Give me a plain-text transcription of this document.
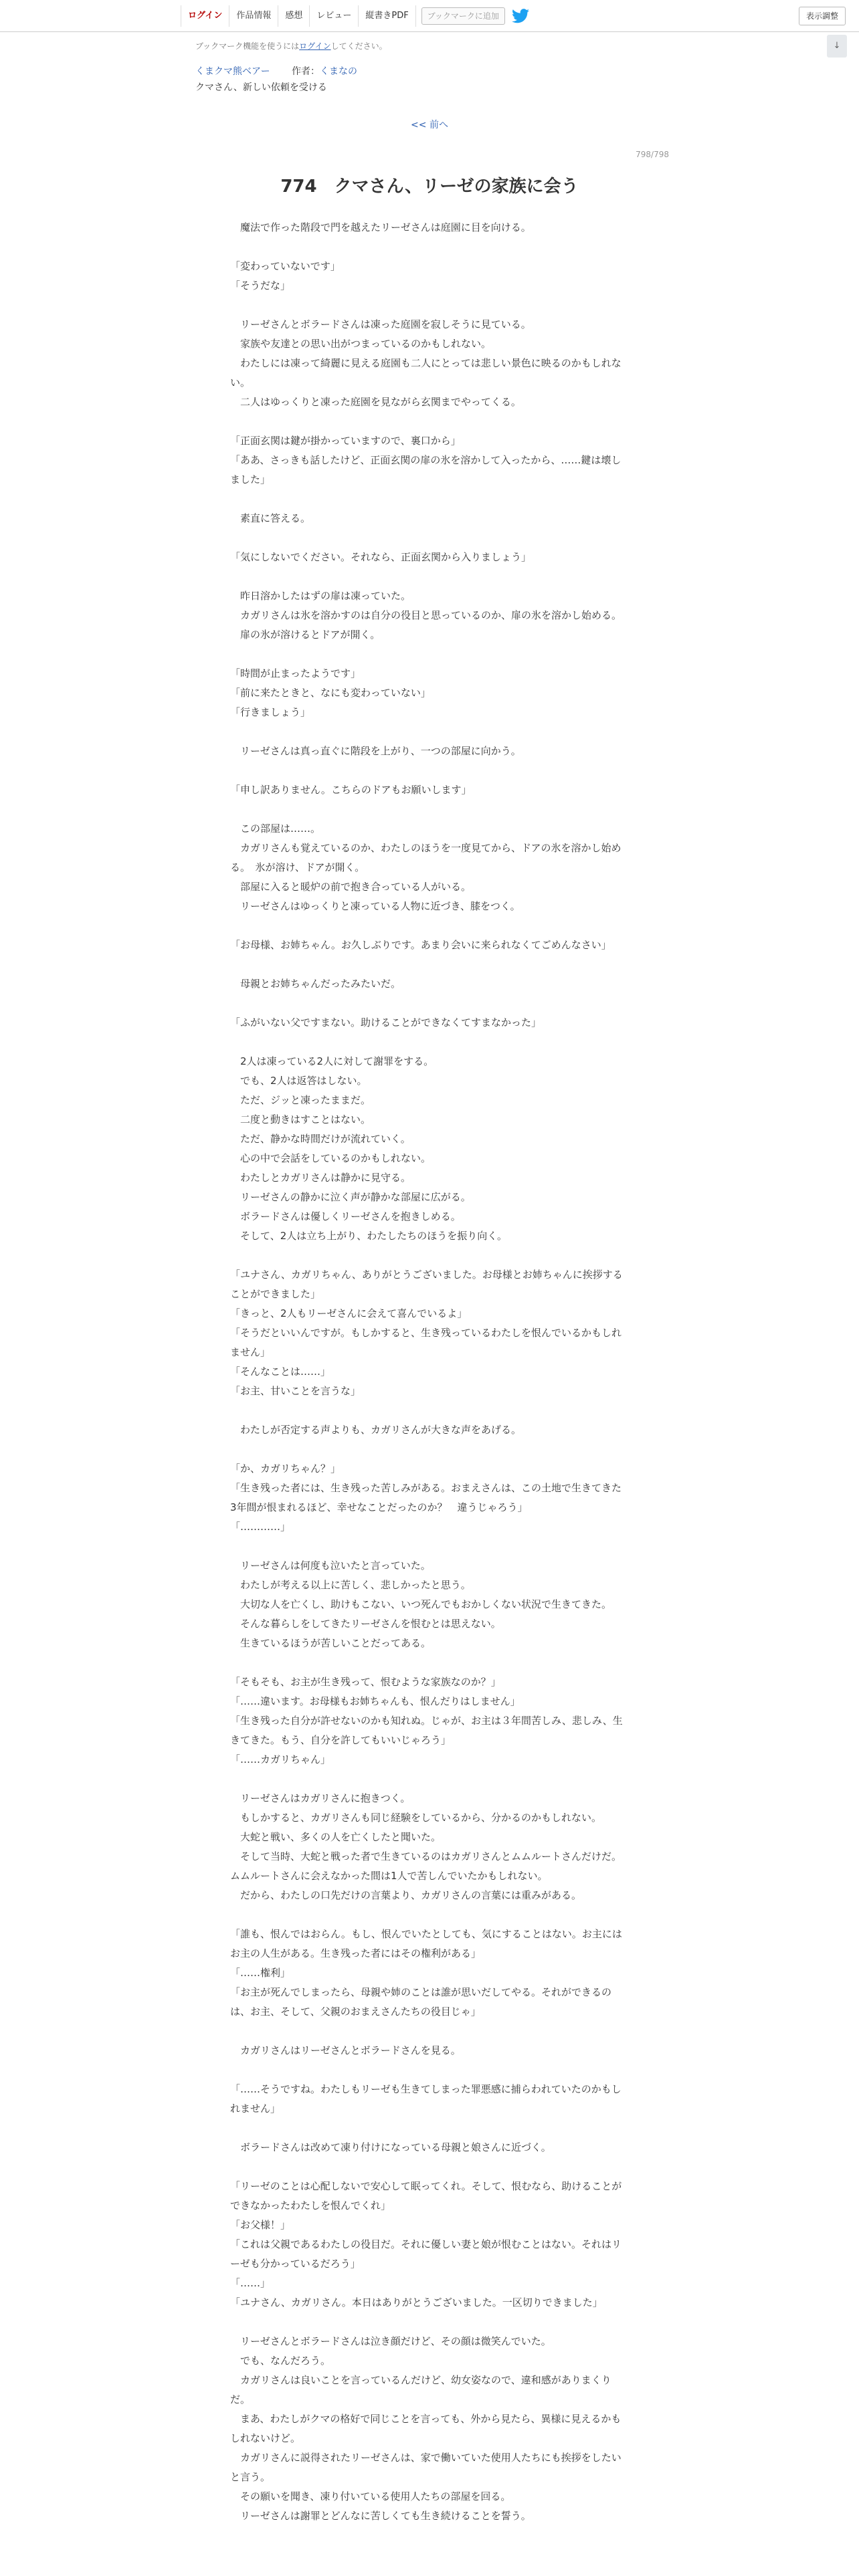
ログイン	作品情報	感想	レビュー	縦書きPDF	ブックマークに追加	表示調整
↓
ブックマーク機能を使うにはログインしてください。
くまクマ熊ベアー 作者：くまなの
クマさん、新しい依頼を受ける
<< 前へ
798/798
774　クマさん、リーゼの家族に会う
　魔法で作った階段で門を越えたリーゼさんは庭園に目を向ける。
「変わっていないです」
「そうだな」
　リーゼさんとボラードさんは凍った庭園を寂しそうに見ている。
　家族や友達との思い出がつまっているのかもしれない。
　わたしには凍って綺麗に見える庭園も二人にとっては悲しい景色に映るのかもしれない。
　二人はゆっくりと凍った庭園を見ながら玄関までやってくる。
「正面玄関は鍵が掛かっていますので、裏口から」
「ああ、さっきも話したけど、正面玄関の扉の氷を溶かして入ったから、……鍵は壊しました」
　素直に答える。
「気にしないでください。それなら、正面玄関から入りましょう」
　昨日溶かしたはずの扉は凍っていた。
　カガリさんは氷を溶かすのは自分の役目と思っているのか、扉の氷を溶かし始める。
　扉の氷が溶けるとドアが開く。
「時間が止まったようです」
「前に来たときと、なにも変わっていない」
「行きましょう」
　リーゼさんは真っ直ぐに階段を上がり、一つの部屋に向かう。
「申し訳ありません。こちらのドアもお願いします」
　この部屋は……。
　カガリさんも覚えているのか、わたしのほうを一度見てから、ドアの氷を溶かし始める。　氷が溶け、ドアが開く。
　部屋に入ると暖炉の前で抱き合っている人がいる。
　リーゼさんはゆっくりと凍っている人物に近づき、膝をつく。
「お母様、お姉ちゃん。お久しぶりです。あまり会いに来られなくてごめんなさい」
　母親とお姉ちゃんだったみたいだ。
「ふがいない父ですまない。助けることができなくてすまなかった」
　2人は凍っている2人に対して謝罪をする。
　でも、2人は返答はしない。
　ただ、ジッと凍ったままだ。
　二度と動きはすことはない。
　ただ、静かな時間だけが流れていく。
　心の中で会話をしているのかもしれない。
　わたしとカガリさんは静かに見守る。
　リーゼさんの静かに泣く声が静かな部屋に広がる。
　ボラードさんは優しくリーゼさんを抱きしめる。
　そして、2人は立ち上がり、わたしたちのほうを振り向く。
「ユナさん、カガリちゃん、ありがとうございました。お母様とお姉ちゃんに挨拶することができました」
「きっと、2人もリーゼさんに会えて喜んでいるよ」
「そうだといいんですが。もしかすると、生き残っているわたしを恨んでいるかもしれません」
「そんなことは……」
「お主、甘いことを言うな」
　わたしが否定する声よりも、カガリさんが大きな声をあげる。
「か、カガリちゃん？」
「生き残った者には、生き残った苦しみがある。おまえさんは、この土地で生きてきた3年間が恨まれるほど、幸せなことだったのか？　違うじゃろう」
「…………」
　リーゼさんは何度も泣いたと言っていた。
　わたしが考える以上に苦しく、悲しかったと思う。
　大切な人を亡くし、助けもこない、いつ死んでもおかしくない状況で生きてきた。
　そんな暮らしをしてきたリーゼさんを恨むとは思えない。
　生きているほうが苦しいことだってある。
「そもそも、お主が生き残って、恨むような家族なのか？」
「……違います。お母様もお姉ちゃんも、恨んだりはしません」
「生き残った自分が許せないのかも知れぬ。じゃが、お主は３年間苦しみ、悲しみ、生きてきた。もう、自分を許してもいいじゃろう」
「……カガリちゃん」
　リーゼさんはカガリさんに抱きつく。
　もしかすると、カガリさんも同じ経験をしているから、分かるのかもしれない。
　大蛇と戦い、多くの人を亡くしたと聞いた。
　そして当時、大蛇と戦った者で生きているのはカガリさんとムムルートさんだけだ。ムムルートさんに会えなかった間は1人で苦しんでいたかもしれない。
　だから、わたしの口先だけの言葉より、カガリさんの言葉には重みがある。
「誰も、恨んではおらん。もし、恨んでいたとしても、気にすることはない。お主にはお主の人生がある。生き残った者にはその権利がある」
「……権利」
「お主が死んでしまったら、母親や姉のことは誰が思いだしてやる。それができるのは、お主、そして、父親のおまえさんたちの役目じゃ」
　カガリさんはリーゼさんとボラードさんを見る。
「……そうですね。わたしもリーゼも生きてしまった罪悪感に捕らわれていたのかもしれません」
　ボラードさんは改めて凍り付けになっている母親と娘さんに近づく。
「リーゼのことは心配しないで安心して眠ってくれ。そして、恨むなら、助けることができなかったわたしを恨んでくれ」
「お父様！」
「これは父親であるわたしの役目だ。それに優しい妻と娘が恨むことはない。それはリーゼも分かっているだろう」
「……」
「ユナさん、カガリさん。本日はありがとうございました。一区切りできました」
　リーゼさんとボラードさんは泣き顔だけど、その顔は微笑んでいた。
　でも、なんだろう。
　カガリさんは良いことを言っているんだけど、幼女姿なので、違和感がありまくりだ。
　まあ、わたしがクマの格好で同じことを言っても、外から見たら、異様に見えるかもしれないけど。
　カガリさんに説得されたリーゼさんは、家で働いていた使用人たちにも挨拶をしたいと言う。
　その願いを聞き、凍り付いている使用人たちの部屋を回る。
　リーゼさんは謝罪とどんなに苦しくても生き続けることを誓う。
